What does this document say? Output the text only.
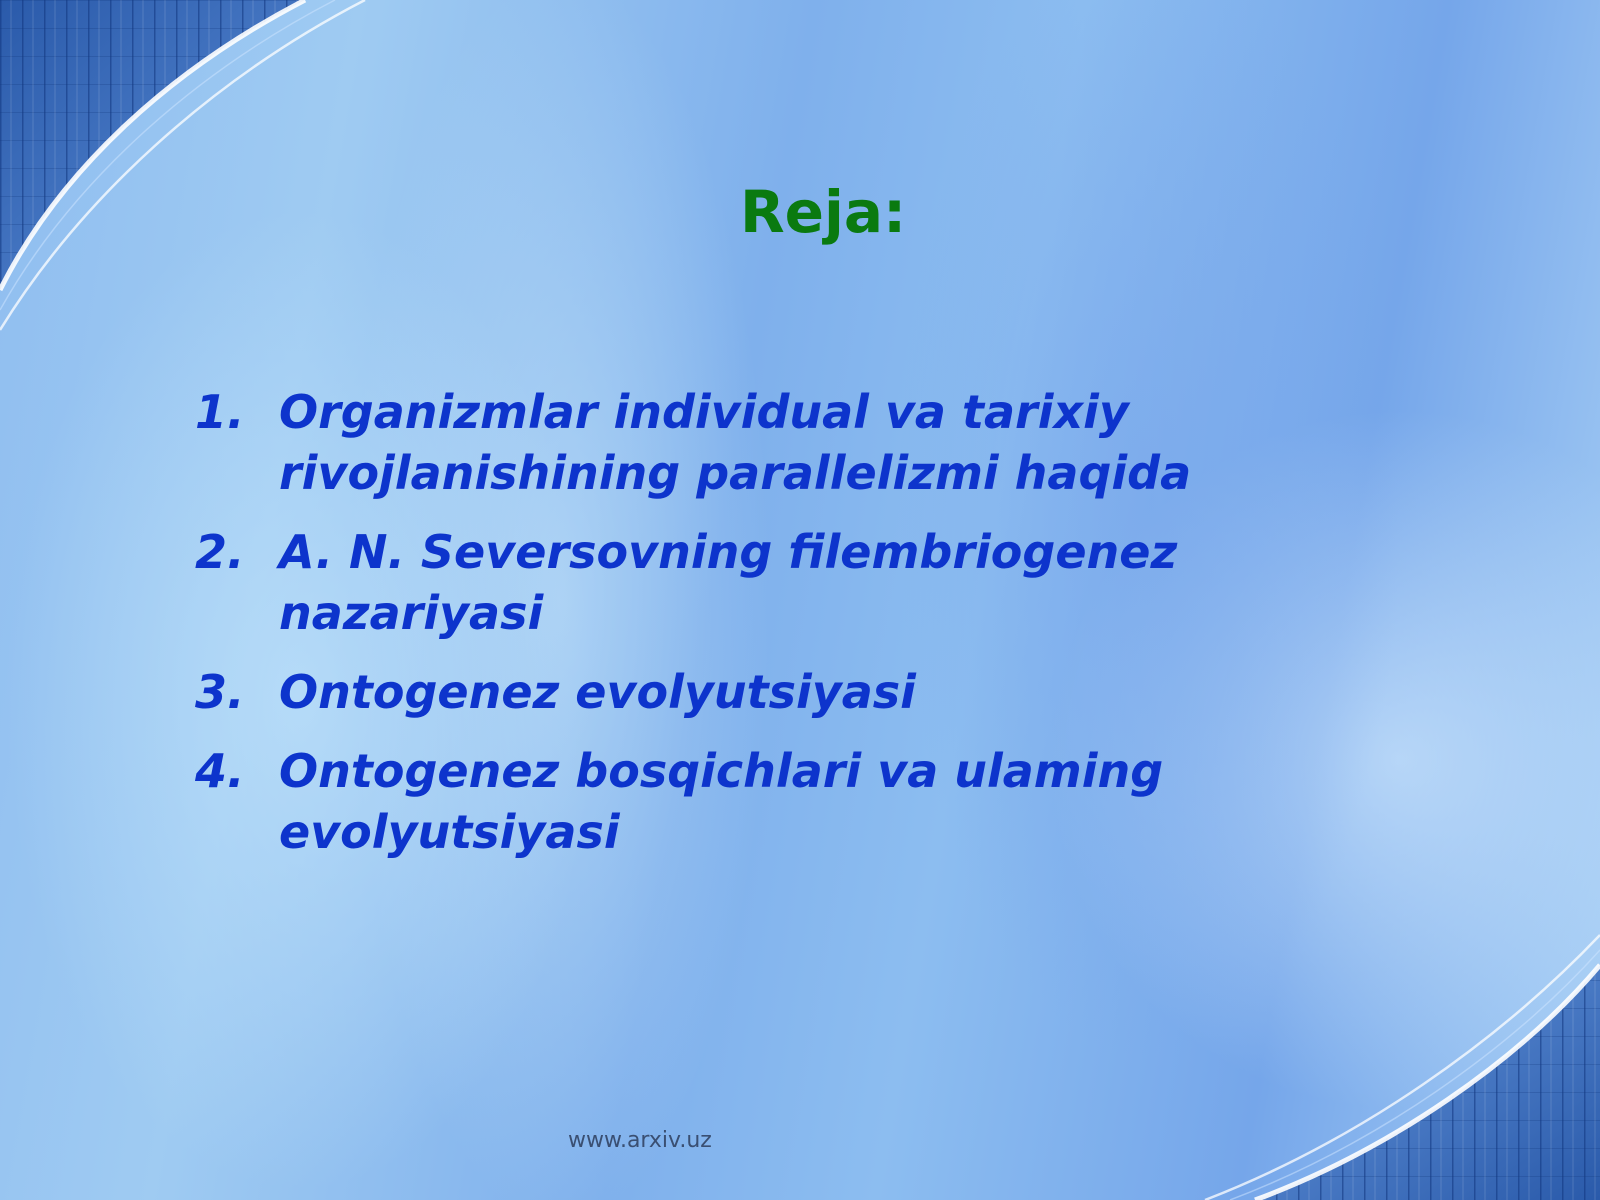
Reja:
1. Organizmlar individual va tarixiy rivojlanishining parallelizmi haqida
2. A. N. Seversovning filembriogenez nazariyasi
3. Ontogenez evolyutsiyasi
4. Ontogenez bosqichlari va ulaming evolyutsiyasi
www.arxiv.uz
